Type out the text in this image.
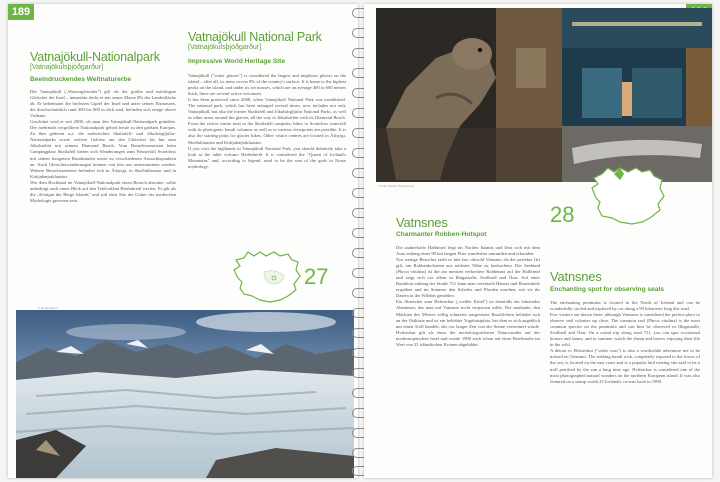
189
Vatnajökull-Nationalpark
[Vatnajökulsþjóðgarður]
Beeindruckendes Weltnaturerbe

Der Vatnajökull („Wassergletscher") gilt als der größte und mächtigste Gletscher der Insel – immerhin deckt er mit seiner Masse 8% der Landesfläche ab. Er beheimatet die höchsten Gipfel der Insel und unter seinen Eismassen, die durchschnittlich rund 400 bis 600 m dick sind, befinden sich einige aktive Vulkane.

Geschützt wird er seit 2008, als man den Vatnajökull-Nationalpark gründete. Der mehrmals vergrößerte Nationalpark gehört heute zu den größten Europas. Zu ihm gehören u.a. die malerischen Skaftafell- und Jökulsárgljúfur-Nationalparks sowie weitere Gebiete um den Gletscher bis hin zum Jökulsárlón mit seinem Diamond Beach. Vom Besucherzentrum beim Campingplatz Skaftafell bieten sich Wanderungen zum Wasserfall Svartifoss mit seinen fotogenen Basaltsäulen sowie zu verschiedenen Aussichtspunkten an. Auch Gletscherwanderungen können von hier aus unternommen werden. Weitere Besucherzentren befinden sich in Ásbyrgi, in Skriðuklaustur und in Kirkjubæjarklaustur.

Wer dem Hochland im Vatnajökull-Nationalpark einen Besuch abstattet, sollte unbedingt auch einen Blick auf den Tafelvulkan Herðubreið werfen. Er gilt als die „Königin der Berge Islands" und soll einst Sitz der Götter der nordischen Mythologie gewesen sein.

Vatnajökull National Park
[Vatnajökulsþjóðgarður]
Impressive World Heritage Site

Vatnajökull ("water glacier") is considered the largest and mightiest glacier on the island – after all, its mass covers 8% of the country's surface. It is home to the highest peaks on the island, and under its ice masses, which are on average 400 to 600 metres thick, there are several active volcanoes.

It has been protected since 2008, when Vatnajökull National Park was established. The national park, which has been enlarged several times, now includes not only Vatnajökull, but also the former Skaftafell and Jökulsárgljúfur National Parks, as well as other areas around the glacier, all the way to Jökulsárlón with its Diamond Beach. From the visitor centre next to the Skaftafell campsite, hikes to Svartifoss waterfall with its photogenic basalt columns as well as to various viewpoints are possible. It is also the starting point for glacier hikes. Other visitor centres are located in Ásbyrgi, Skriðuklaustur and Kirkjubæjarklaustur.

If you visit the highlands in Vatnajökull National Park, you should definitely take a look at the table volcano Herðubreið. It is considered the "Queen of Iceland's Mountains" and, according to legend, used to be the seat of the gods in Norse mythology.

27
© Rudolf Ernst
© Fritz Stoiber Productions
28
Vatnsnes
Charmanter Robben-Hotspot

Die zauberhafte Halbinsel liegt im Norden Islands und lässt sich mit dem Auto entlang einer 90 km langen Piste wunderbar umrunden und erkunden.

Nur wenige Besucher zieht es hier her, obwohl Vatnsnes als der perfekte Ort gilt, um Robbenkolonien aus nächster Nähe zu beobachten. Der Seehund (Phoca vitulina) ist die am meisten verbreitete Robbenart auf der Halbinsel und zeigt sich vor allem in Illugastaðir, Svalbarð und Ósar. Auf einer Rundtour entlang der Straße 711 kann man vereinzelt Häuser und Bauernhöfe erspähen und im Sommer den Schafen und Pferden zusehen, wie sie ihr Dasein in der Wildnis genießen.

Ein Abstecher zum Hvítserkur („weißer Kittel") ist ebenfalls ein lohnendes Abenteuer, das man auf Vatnsnes nicht verpassen sollte. Der markante, den Mächten des Meeres völlig schutzlos ausgesetzte Basaltfelsen befindet sich an der Ostküste und ist ein beliebter Vogelnistplatz, bei dem es sich angeblich um einen Troll handelt, der vor langer Zeit von der Sonne versteinert wurde. Hvítserkur gilt als eines der meistfotografierten Naturwunder auf der nordeuropäischen Insel und wurde 1990 auch schon auf einer Briefmarke im Wert von 25 isländischen Kronen abgebildet.

Vatnsnes
Enchanting spot for observing seals

The enchanting peninsula is located in the North of Iceland and can be wonderfully circled and explored by car along a 90 kilometre long dirt road.

Few visitors are drawn there, although Vatnsnes is considered the perfect place to observe seal colonies up close. The common seal (Phoca vitulina) is the most common species on the peninsula and can best be observed in Illugastaðir, Svalbarð and Ósar. On a round trip along road 711, you can spot occasional houses and farms, and in summer watch the sheep and horses enjoying their life in the wild.

A detour to Hvítserkur ("white coat") is also a worthwhile adventure not to be missed on Vatnsnes. The striking basalt rock, completely exposed to the forces of the sea, is located on the east coast and is a popular bird nesting site said to be a troll petrified by the sun a long time ago. Hvítserkur is considered one of the most photographed natural wonders on the northern European island. It was also featured on a stamp worth 25 Icelandic crowns back in 1990.
